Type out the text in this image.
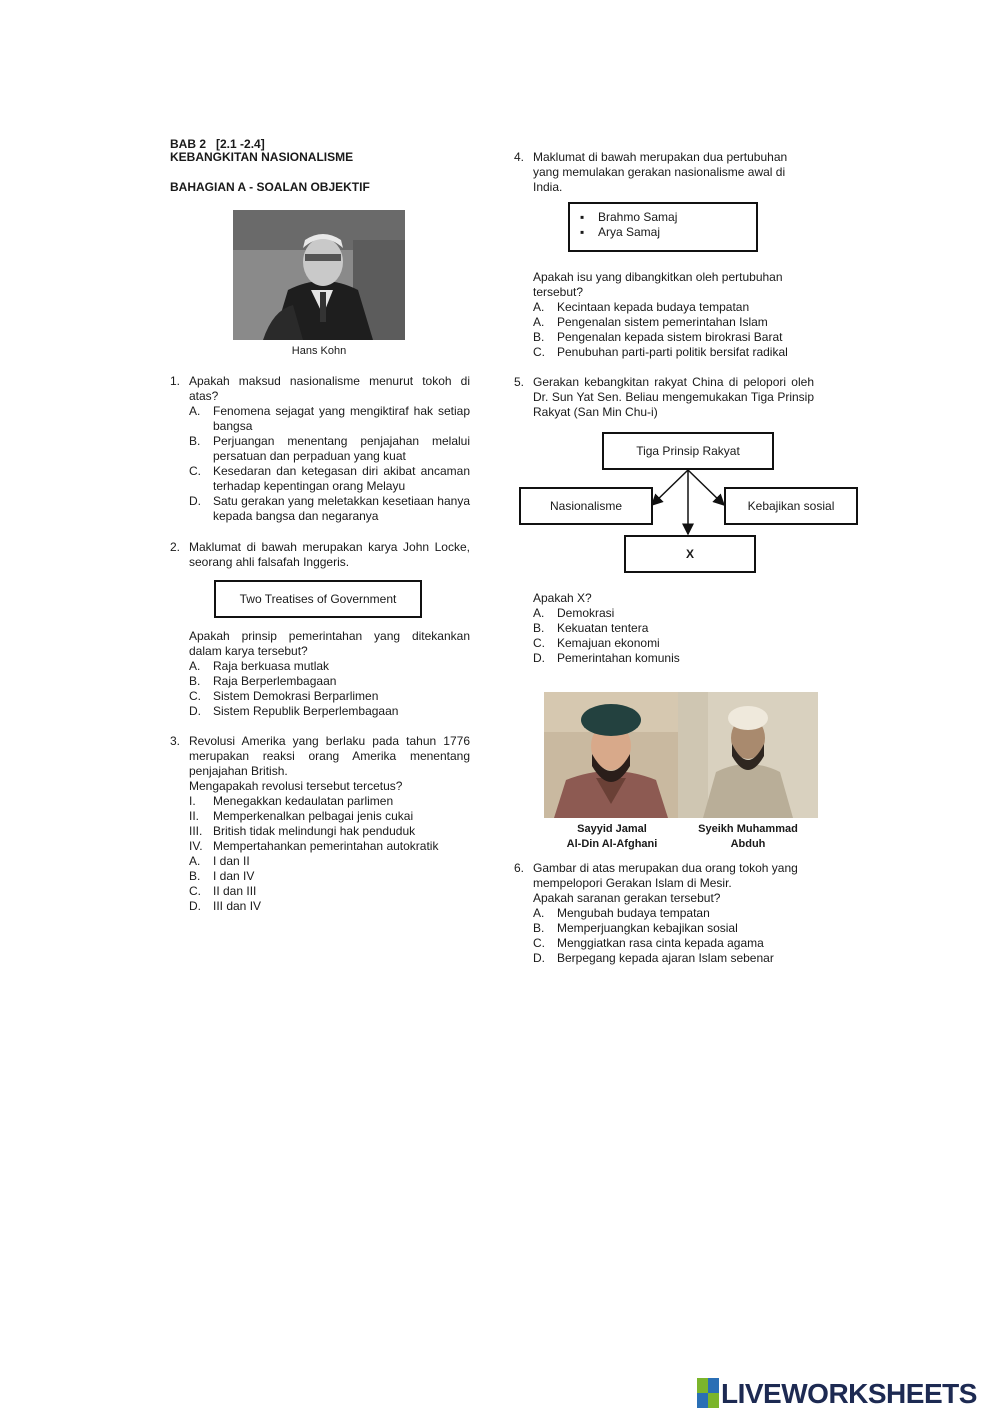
BAB 2   [2.1 -2.4]
KEBANGKITAN NASIONALISME
BAHAGIAN A - SOALAN OBJEKTIF
Hans Kohn
1. Apakah maksud nasionalisme menurut tokoh di atas?
A.	Fenomena sejagat yang mengiktiraf hak setiap bangsa
B.	Perjuangan menentang penjajahan melalui persatuan dan perpaduan yang kuat
C.	Kesedaran dan ketegasan diri akibat ancaman terhadap kepentingan orang Melayu
D.	Satu gerakan yang meletakkan kesetiaan hanya kepada bangsa dan negaranya
2. Maklumat di bawah merupakan karya John Locke, seorang ahli falsafah Inggeris.
Two Treatises of Government
Apakah prinsip pemerintahan yang ditekankan dalam karya tersebut?
A.	Raja berkuasa mutlak
B.	Raja Berperlembagaan
C.	Sistem Demokrasi Berparlimen
D.	Sistem Republik Berperlembagaan
3. Revolusi Amerika yang berlaku pada tahun 1776 merupakan reaksi orang Amerika menentang penjajahan British.
Mengapakah revolusi tersebut tercetus?
I.	Menegakkan kedaulatan parlimen
II.	Memperkenalkan pelbagai jenis cukai
III. British tidak melindungi hak penduduk
IV. Mempertahankan pemerintahan autokratik
A.	I dan II
B.	I dan IV
C.	II dan III
D.	III dan IV
4. Maklumat di bawah merupakan dua pertubuhan yang memulakan gerakan nasionalisme awal di India.
▪	Brahmo Samaj
▪	Arya Samaj
Apakah isu yang dibangkitkan oleh pertubuhan tersebut?
A.	Kecintaan kepada budaya tempatan
A.	Pengenalan sistem pemerintahan Islam
B.	Pengenalan kepada sistem birokrasi Barat
C.	Penubuhan parti-parti politik bersifat radikal
5. Gerakan kebangkitan rakyat China di pelopori oleh Dr. Sun Yat Sen. Beliau mengemukakan Tiga Prinsip Rakyat (San Min Chu-i)
Tiga Prinsip Rakyat
Nasionalisme	Kebajikan sosial
X
Apakah X?
A.	Demokrasi
B.	Kekuatan tentera
C.	Kemajuan ekonomi
D.	Pemerintahan komunis
Sayyid Jamal
Al-Din Al-Afghani
Syeikh Muhammad
Abduh
6. Gambar di atas merupakan dua orang tokoh yang mempelopori Gerakan Islam di Mesir.
Apakah saranan gerakan tersebut?
A.	Mengubah budaya tempatan
B.	Memperjuangkan kebajikan sosial
C.	Menggiatkan rasa cinta kepada agama
D.	Berpegang kepada ajaran Islam sebenar
LIVEWORKSHEETS
